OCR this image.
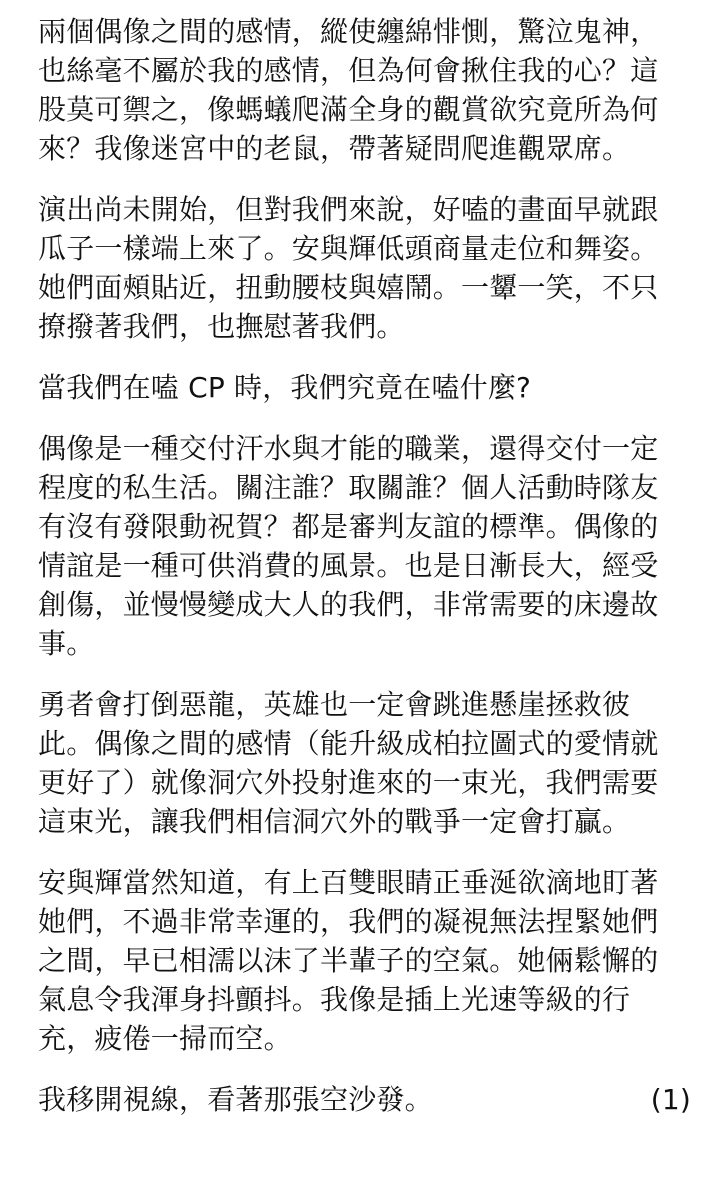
兩個偶像之間的感情，縱使纏綿悱惻，驚泣鬼神，
也絲毫不屬於我的感情，但為何會揪住我的心？這
股莫可禦之，像螞蟻爬滿全身的觀賞欲究竟所為何
來？我像迷宮中的老鼠，帶著疑問爬進觀眾席。

演出尚未開始，但對我們來說，好嗑的畫面早就跟
瓜子一樣端上來了。安與輝低頭商量走位和舞姿。
她們面頰貼近，扭動腰枝與嬉鬧。一顰一笑，不只
撩撥著我們，也撫慰著我們。

當我們在嗑 CP 時，我們究竟在嗑什麼?

偶像是一種交付汗水與才能的職業，還得交付一定
程度的私生活。關注誰？取關誰？個人活動時隊友
有沒有發限動祝賀？都是審判友誼的標準。偶像的
情誼是一種可供消費的風景。也是日漸長大，經受
創傷，並慢慢變成大人的我們，非常需要的床邊故
事。

勇者會打倒惡龍，英雄也一定會跳進懸崖拯救彼
此。偶像之間的感情（能升級成柏拉圖式的愛情就
更好了）就像洞穴外投射進來的一束光，我們需要
這束光，讓我們相信洞穴外的戰爭一定會打贏。

安與輝當然知道，有上百雙眼睛正垂涎欲滴地盯著
她們，不過非常幸運的，我們的凝視無法捏緊她們
之間，早已相濡以沫了半輩子的空氣。她倆鬆懈的
氣息令我渾身抖顫抖。我像是插上光速等級的行
充，疲倦一掃而空。

我移開視線，看著那張空沙發。	(1)
